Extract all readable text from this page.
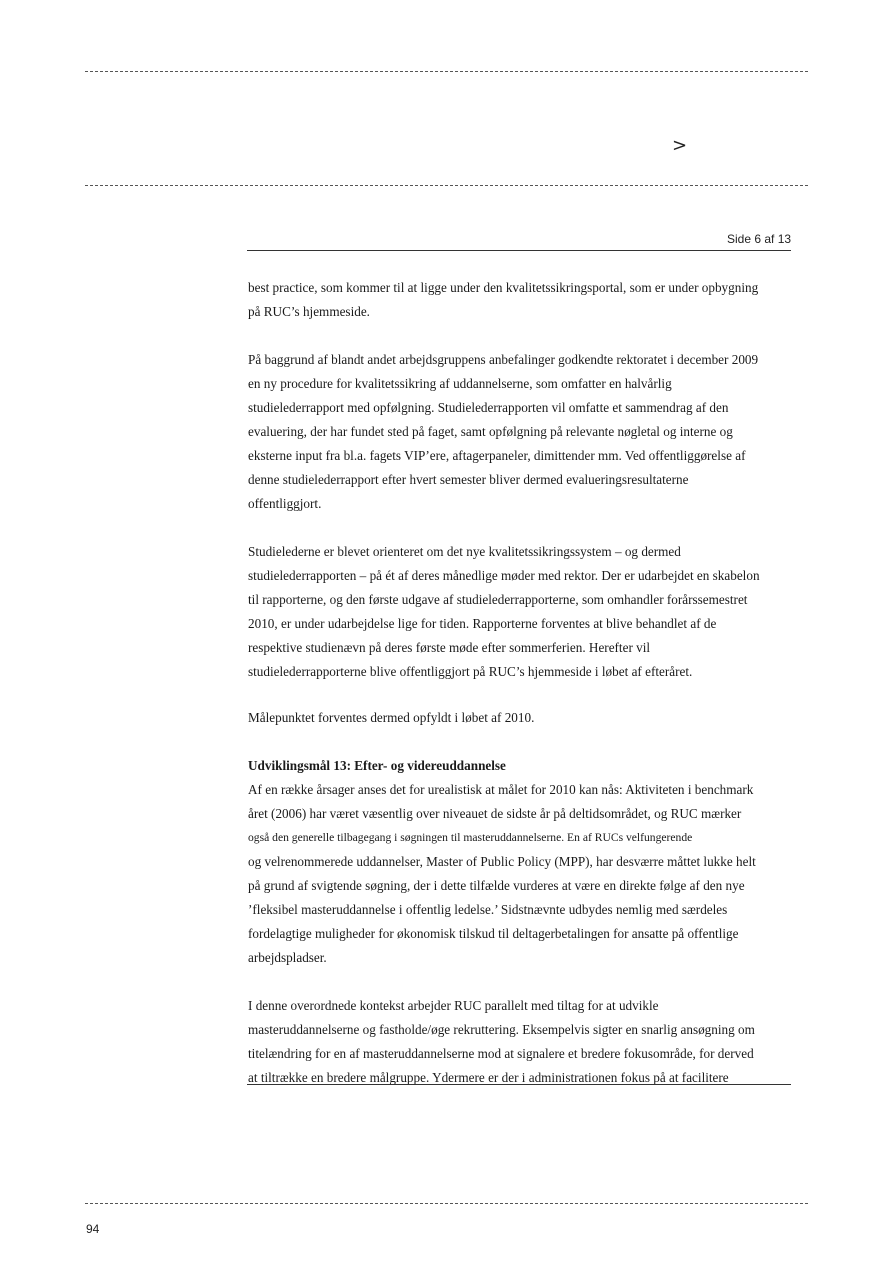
>
Side 6 af 13

best practice, som kommer til at ligge under den kvalitetssikringsportal, som er under opbygning

på RUC’s hjemmeside.

På baggrund af blandt andet arbejdsgruppens anbefalinger godkendte rektoratet i december 2009

en ny procedure for kvalitetssikring af uddannelserne, som omfatter en halvårlig

studielederrapport med opfølgning. Studielederrapporten vil omfatte et sammendrag af den

evaluering, der har fundet sted på faget, samt opfølgning på relevante nøgletal og interne og

eksterne input fra bl.a. fagets VIP’ere, aftagerpaneler, dimittender mm. Ved offentliggørelse af

denne studielederrapport efter hvert semester bliver dermed evalueringsresultaterne

offentliggjort.

Studielederne er blevet orienteret om det nye kvalitetssikringssystem – og dermed

studielederrapporten – på ét af deres månedlige møder med rektor. Der er udarbejdet en skabelon

til rapporterne, og den første udgave af studielederrapporterne, som omhandler forårssemestret

2010, er under udarbejdelse lige for tiden. Rapporterne forventes at blive behandlet af de

respektive studienævn på deres første møde efter sommerferien. Herefter vil

studielederrapporterne blive offentliggjort på RUC’s hjemmeside i løbet af efteråret.

Målepunktet forventes dermed opfyldt i løbet af 2010.

Udviklingsmål 13: Efter- og videreuddannelse

Af en række årsager anses det for urealistisk at målet for 2010 kan nås: Aktiviteten i benchmark

året (2006) har været væsentlig over niveauet de sidste år på deltidsområdet, og RUC mærker

også den generelle tilbagegang i søgningen til masteruddannelserne. En af RUCs velfungerende

og velrenommerede uddannelser, Master of Public Policy (MPP), har desværre måttet lukke helt

på grund af svigtende søgning, der i dette tilfælde vurderes at være en direkte følge af den nye

’fleksibel masteruddannelse i offentlig ledelse.’ Sidstnævnte udbydes nemlig med særdeles

fordelagtige muligheder for økonomisk tilskud til deltagerbetalingen for ansatte på offentlige

arbejdspladser.

I denne overordnede kontekst arbejder RUC parallelt med tiltag for at udvikle

masteruddannelserne og fastholde/øge rekruttering. Eksempelvis sigter en snarlig ansøgning om

titelændring for en af masteruddannelserne mod at signalere et bredere fokusområde, for derved

at tiltrække en bredere målgruppe. Ydermere er der i administrationen fokus på at facilitere

94
